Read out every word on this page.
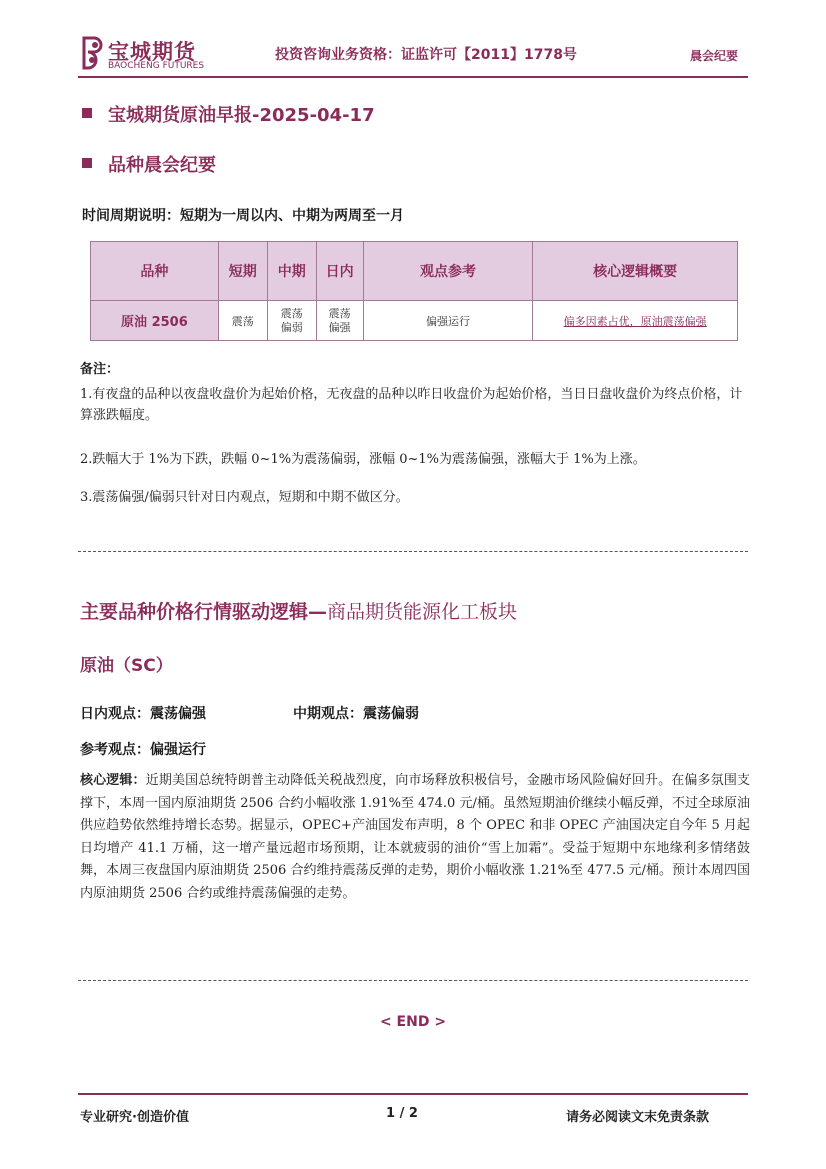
宝城期货
BAOCHENG FUTURES
投资咨询业务资格：证监许可【2011】1778号	晨会纪要
宝城期货原油早报-2025-04-17
品种晨会纪要
时间周期说明：短期为一周以内、中期为两周至一月
品种	短期	中期	日内	观点参考	核心逻辑概要
原油 2506	震荡	震荡偏弱	震荡偏强	偏强运行	偏多因素占优，原油震荡偏强
备注：
1.有夜盘的品种以夜盘收盘价为起始价格，无夜盘的品种以昨日收盘价为起始价格，当日日盘收盘价为终点价格，计算涨跌幅度。
2.跌幅大于 1%为下跌，跌幅 0~1%为震荡偏弱，涨幅 0~1%为震荡偏强，涨幅大于 1%为上涨。
3.震荡偏强/偏弱只针对日内观点，短期和中期不做区分。
主要品种价格行情驱动逻辑—商品期货能源化工板块
原油（SC）
日内观点：震荡偏强	中期观点：震荡偏弱
参考观点：偏强运行
核心逻辑：近期美国总统特朗普主动降低关税战烈度，向市场释放积极信号，金融市场风险偏好回升。在偏多氛围支撑下，本周一国内原油期货 2506 合约小幅收涨 1.91%至 474.0 元/桶。虽然短期油价继续小幅反弹，不过全球原油供应趋势依然维持增长态势。据显示，OPEC+产油国发布声明，8 个 OPEC 和非 OPEC 产油国决定自今年 5 月起日均增产 41.1 万桶，这一增产量远超市场预期，让本就疲弱的油价“雪上加霜”。受益于短期中东地缘利多情绪鼓舞，本周三夜盘国内原油期货 2506 合约维持震荡反弹的走势，期价小幅收涨 1.21%至 477.5 元/桶。预计本周四国内原油期货 2506 合约或维持震荡偏强的走势。
< END >
专业研究·创造价值	1 / 2	请务必阅读文末免责条款
